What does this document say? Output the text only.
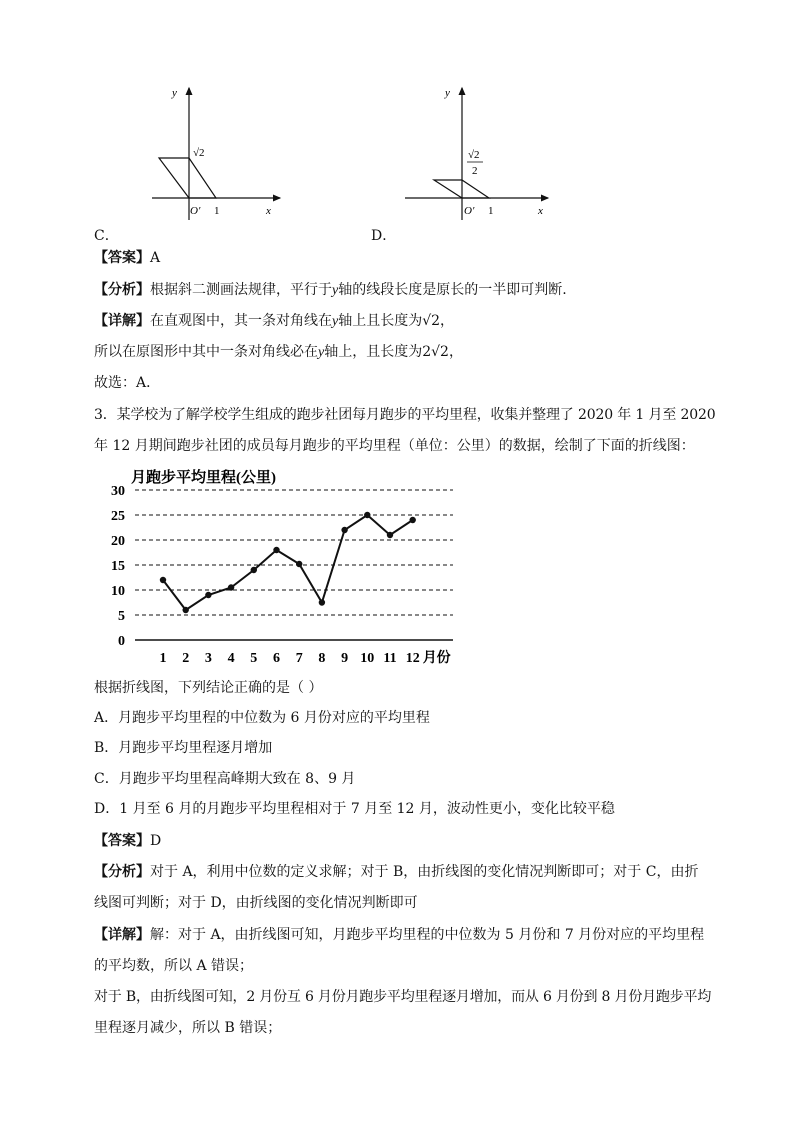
C．
y
x
O′ 1
√2
D．
y
x
O′ 1
√2
2
【答案】A
【分析】根据斜二测画法规律，平行于y轴的线段长度是原长的一半即可判断.
【详解】在直观图中，其一条对角线在y轴上且长度为√2，
所以在原图形中其中一条对角线必在y轴上，且长度为2√2，
故选：A．
3．某学校为了解学校学生组成的跑步社团每月跑步的平均里程，收集并整理了 2020 年 1 月至 2020
年 12 月期间跑步社团的成员每月跑步的平均里程（单位：公里）的数据，绘制了下面的折线图：
月跑步平均里程(公里)
0
5
10
15
20
25
30
1 2 3 4 5 6 7 8 9 10 11 12 月份
根据折线图，下列结论正确的是（ ）
A．月跑步平均里程的中位数为 6 月份对应的平均里程
B．月跑步平均里程逐月增加
C．月跑步平均里程高峰期大致在 8、9 月
D．1 月至 6 月的月跑步平均里程相对于 7 月至 12 月，波动性更小，变化比较平稳
【答案】D
【分析】对于 A，利用中位数的定义求解；对于 B，由折线图的变化情况判断即可；对于 C，由折
线图可判断；对于 D，由折线图的变化情况判断即可
【详解】解：对于 A，由折线图可知，月跑步平均里程的中位数为 5 月份和 7 月份对应的平均里程
的平均数，所以 A 错误；
对于 B，由折线图可知，2 月份互 6 月份月跑步平均里程逐月增加，而从 6 月份到 8 月份月跑步平均
里程逐月减少，所以 B 错误；
